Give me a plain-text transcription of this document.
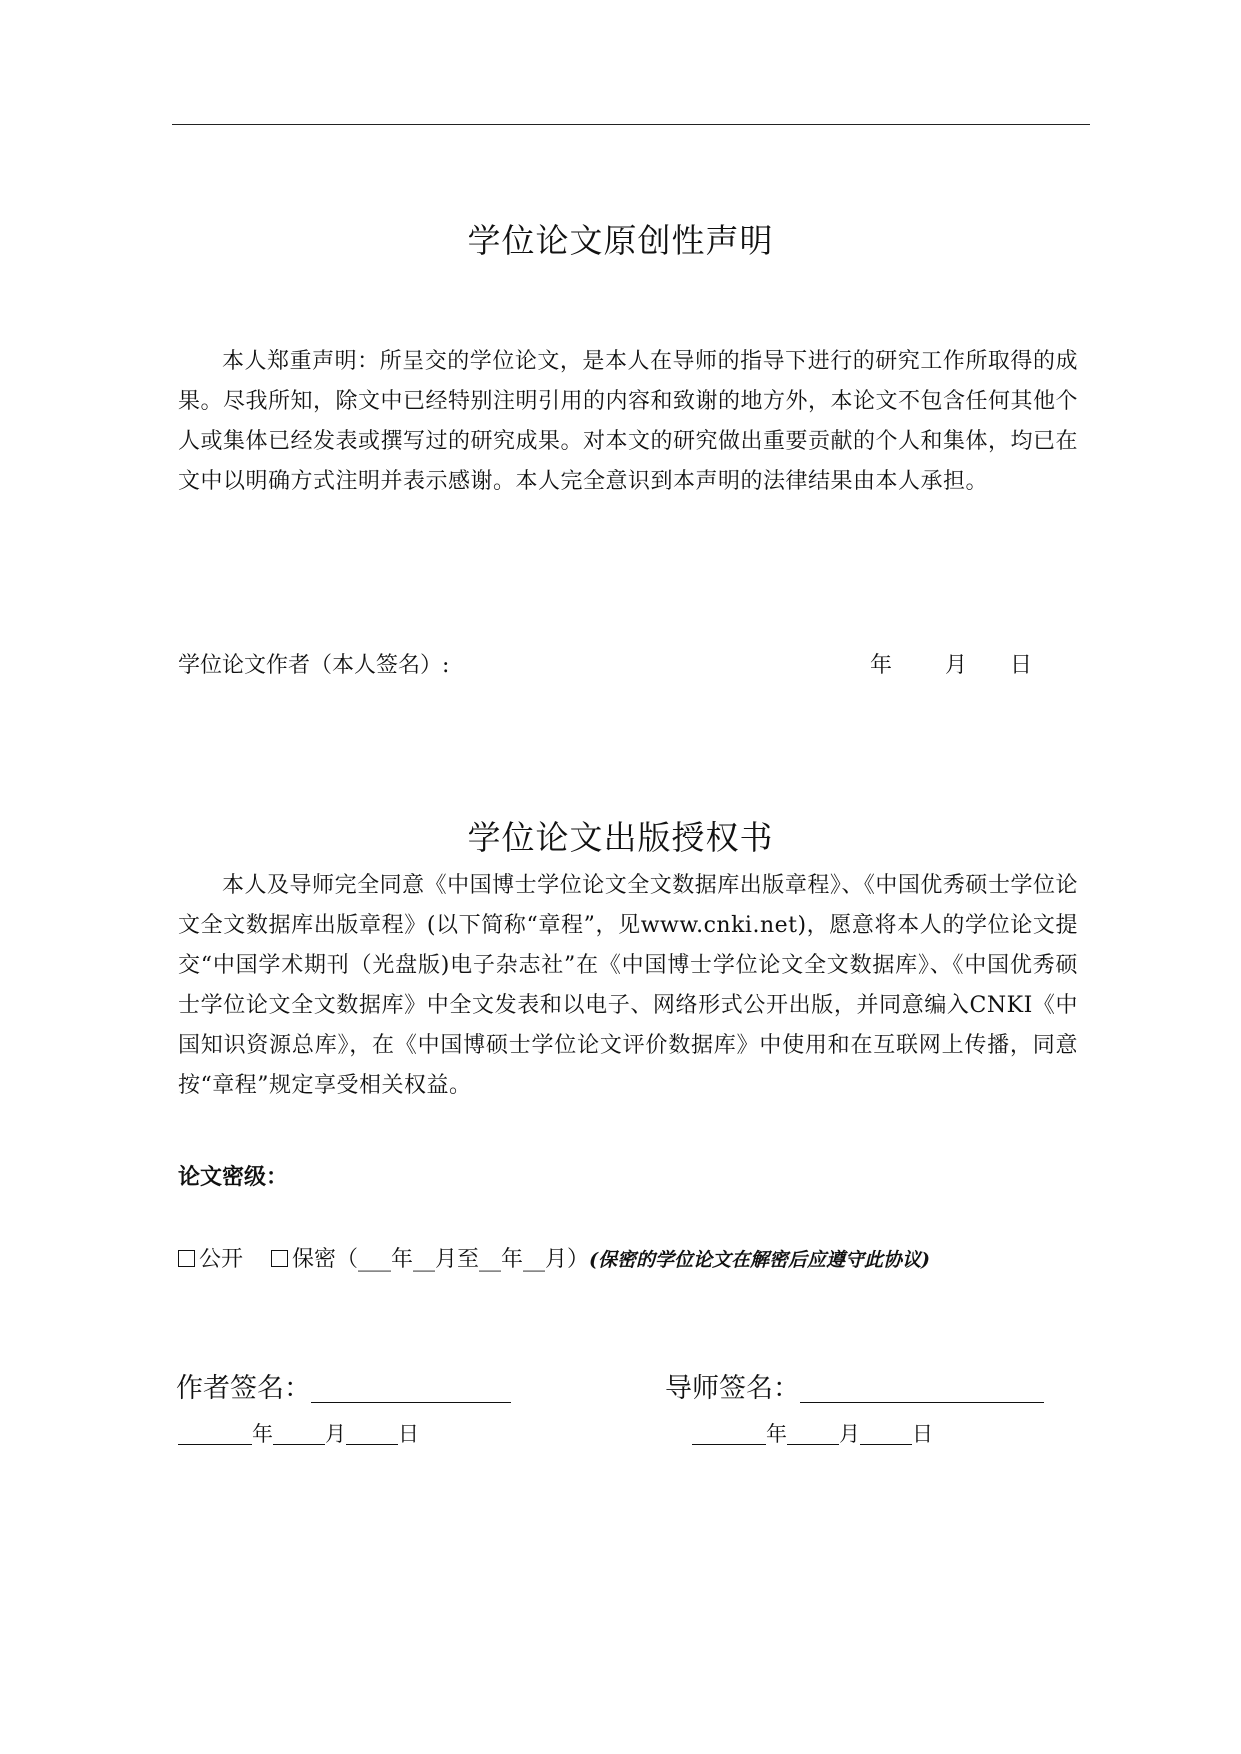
学位论文原创性声明
本人郑重声明：所呈交的学位论文，是本人在导师的指导下进行的研究工作所取得的成果。尽我所知，除文中已经特别注明引用的内容和致谢的地方外，本论文不包含任何其他个人或集体已经发表或撰写过的研究成果。对本文的研究做出重要贡献的个人和集体，均已在文中以明确方式注明并表示感谢。本人完全意识到本声明的法律结果由本人承担。
学位论文作者（本人签名）:	年 月 日
学位论文出版授权书
本人及导师完全同意《中国博士学位论文全文数据库出版章程》、《中国优秀硕士学位论文全文数据库出版章程》(以下简称“章程”，见www.cnki.net)，愿意将本人的学位论文提交“中国学术期刊（光盘版)电子杂志社”在《中国博士学位论文全文数据库》、《中国优秀硕士学位论文全文数据库》中全文发表和以电子、网络形式公开出版，并同意编入CNKI《中国知识资源总库》，在《中国博硕士学位论文评价数据库》中使用和在互联网上传播，同意按“章程”规定享受相关权益。
论文密级：
公开 保密（___年__月至__年__月）(保密的学位论文在解密后应遵守此协议)
作者签名：	导师签名：
年 月 日	年 月 日
